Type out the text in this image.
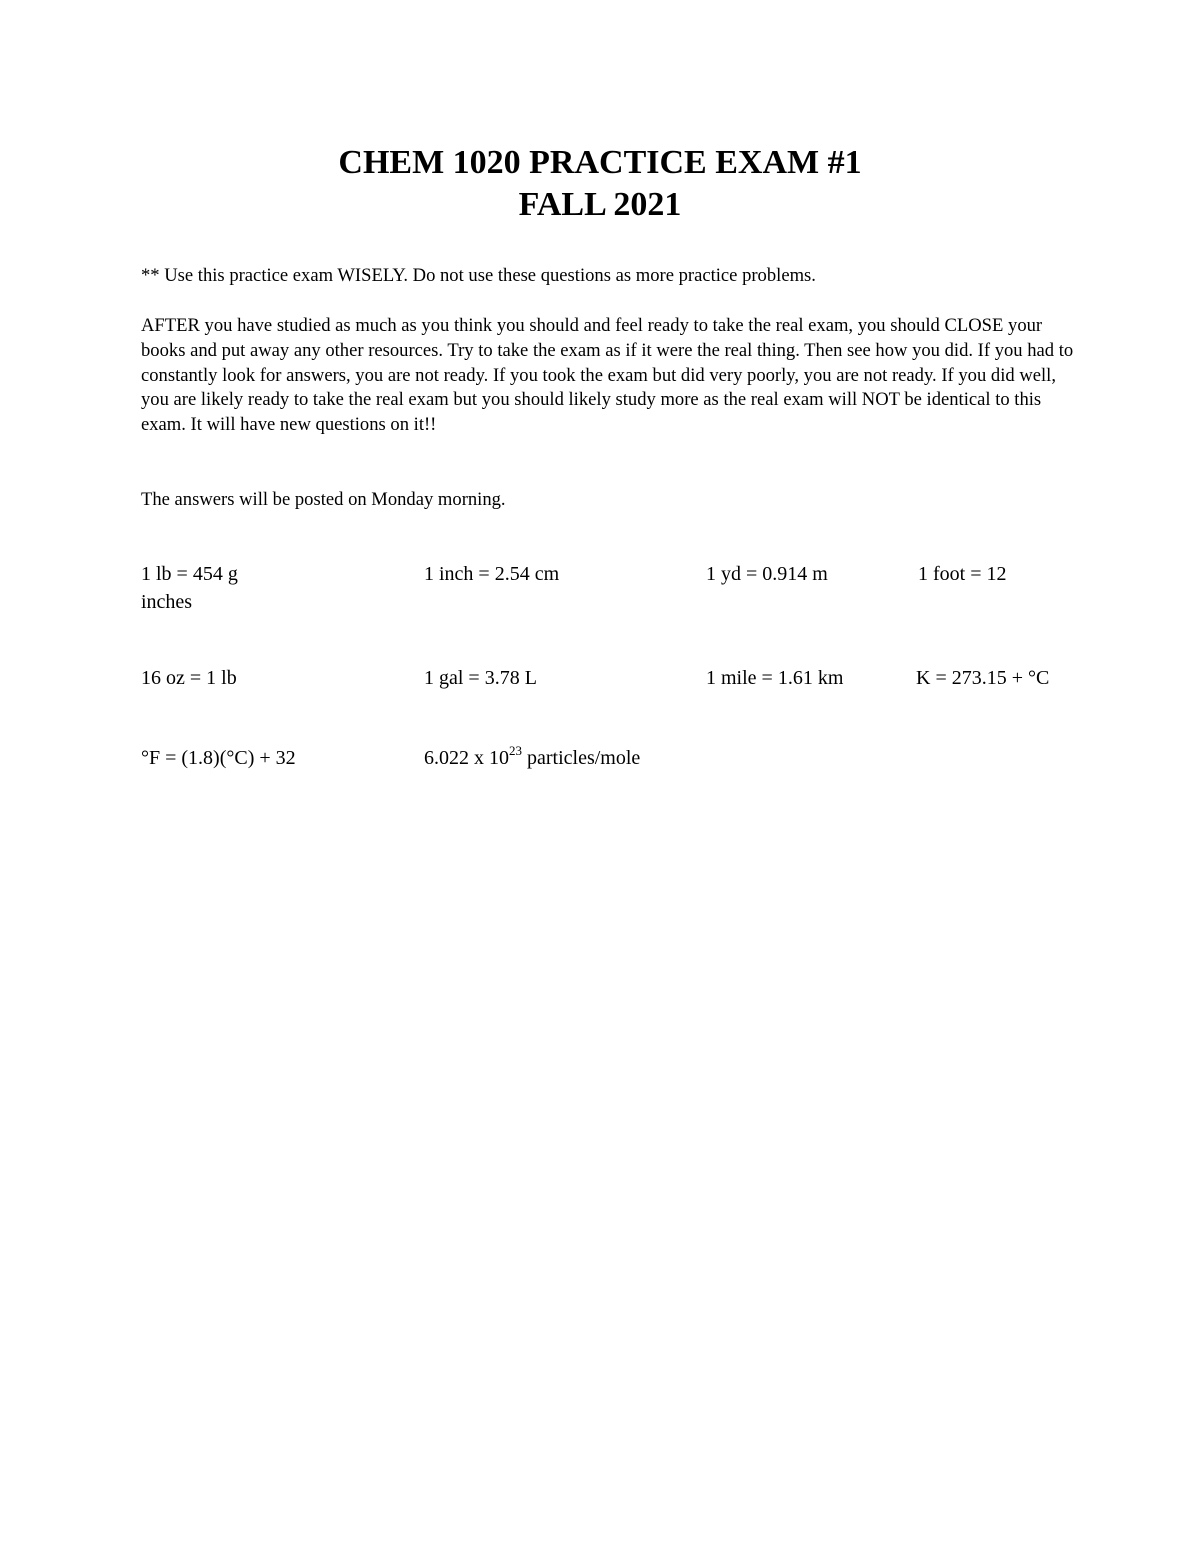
CHEM 1020 PRACTICE EXAM #1
FALL 2021

** Use this practice exam WISELY. Do not use these questions as more practice problems.

AFTER you have studied as much as you think you should and feel ready to take the real exam, you should CLOSE your books and put away any other resources. Try to take the exam as if it were the real thing. Then see how you did. If you had to constantly look for answers, you are not ready. If you took the exam but did very poorly, you are not ready. If you did well, you are likely ready to take the real exam but you should likely study more as the real exam will NOT be identical to this exam. It will have new questions on it!!

The answers will be posted on Monday morning.

1 lb = 454 g	1 inch = 2.54 cm	1 yd = 0.914 m	1 foot = 12
inches
16 oz = 1 lb	1 gal = 3.78 L	1 mile = 1.61 km	K = 273.15 + °C
°F = (1.8)(°C) + 32	6.022 x $10^{23}$ particles/mole
